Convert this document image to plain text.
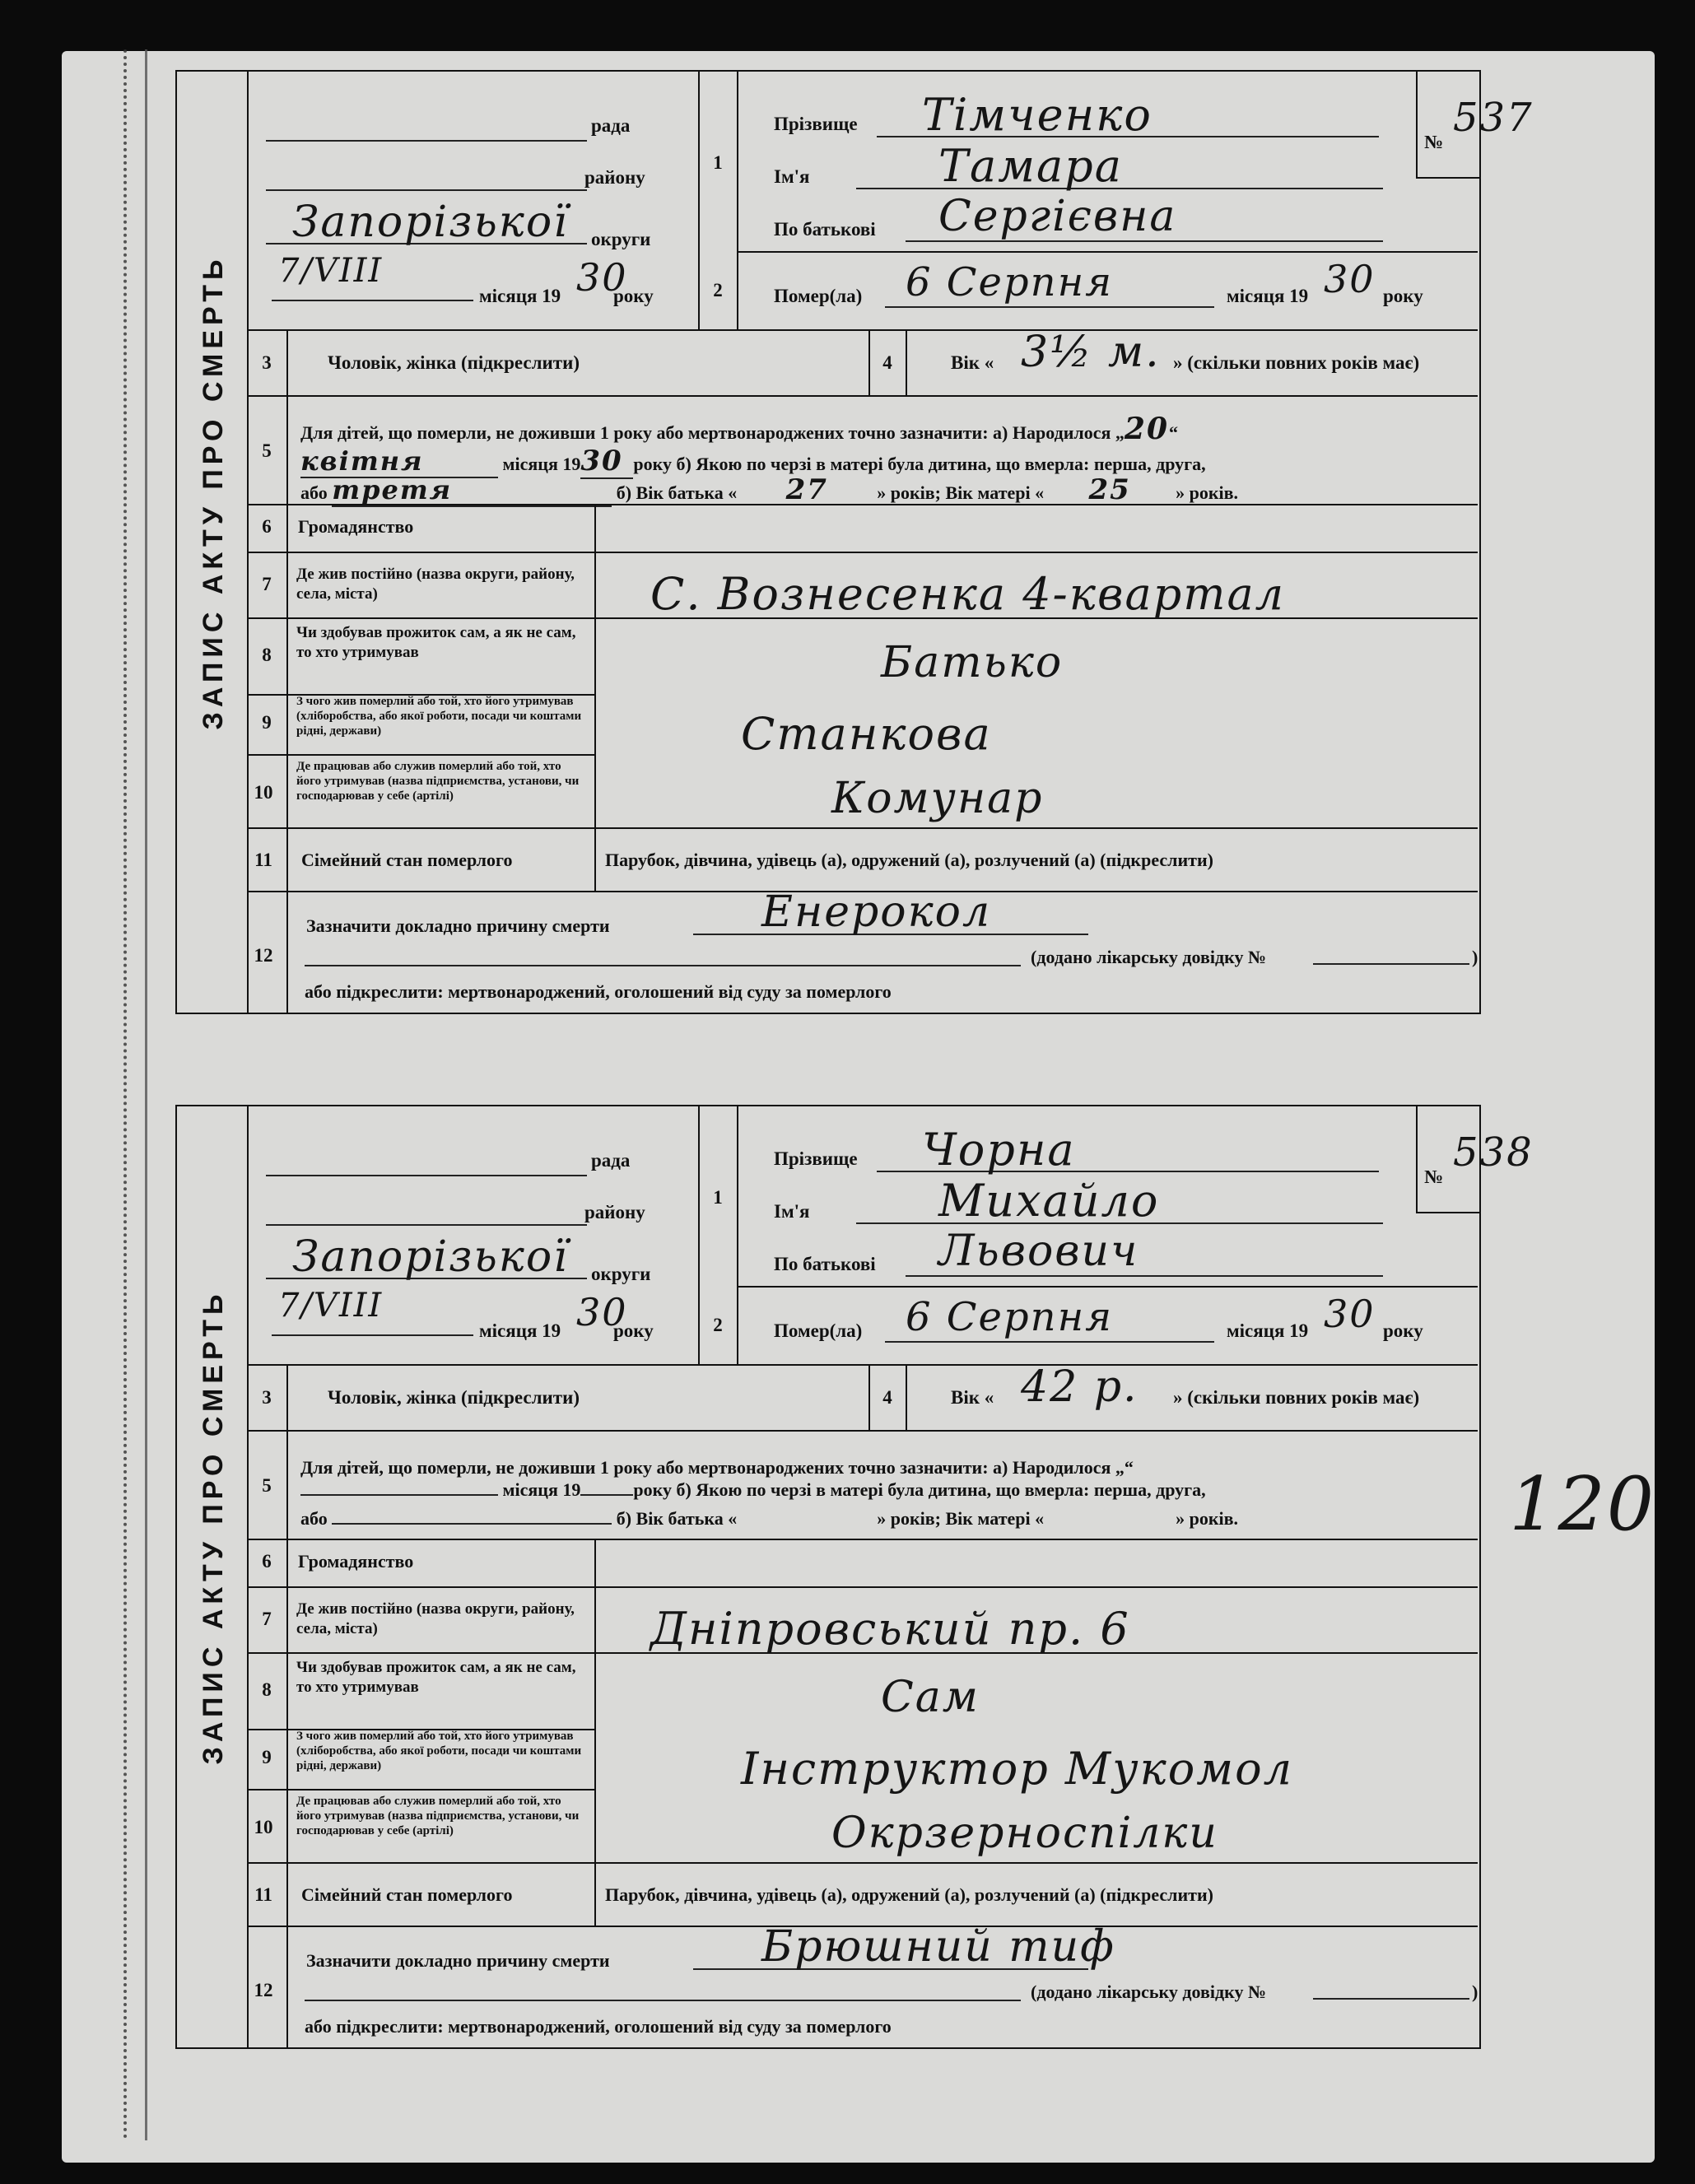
120
ЗАПИС АКТУ ПРО СМЕРТЬ
рада
району
Запорізької округи
7/VIII
місяця 19 30
року
1
2
Прізвище Тімченко
Ім'я	Тамара
По батькові Сергієвна
№
537
Помер(ла) 6 Серпня	місяця 19 30 року
3	Чоловік, жінка (підкреслити)	4	Вік « 3½ м. » (скільки повних років має)
5
Для дітей, що померли, не доживши 1 року або мертвонароджених точно зазначити: а) Народилося „20“
квітня	місяця 1930 року б) Якою по черзі в матері була дитина, що вмерла: перша, друга,
або третя	б) Вік батька « 27	» років; Вік матері « 25 » років.
6	Громадянство
7	Де жив постійно (назва округи, району, села, міста)	С. Вознесенка 4-квартал
8
Чи здобував прожиток сам, а як не сам, то хто утримував	Батько
9
З чого жив померлий або той, хто його утримував (хліборобства, або якої роботи, посади чи коштами рідні, держави)	Станкова
10
Де працював або служив померлий або той, хто його утримував (назва підприємства, установи, чи господарював у себе (артілі)	Комунар
11	Сімейний стан померлого	Парубок, дівчина, удівець (а), одружений (а), розлучений (а) (підкреслити)
12
Зазначити докладно причину смерти	Енерокол
(додано лікарську довідку №	)
або підкреслити: мертвонароджений, оголошений від суду за померлого
ЗАПИС АКТУ ПРО СМЕРТЬ
рада
району
Запорізької округи
7/VIII
місяця 19 30
року
1
2
Прізвище Чорна
Ім'я	Михайло
По батькові Львович
№
538
Помер(ла) 6 Серпня	місяця 19 30 року
3	Чоловік, жінка (підкреслити)	4	Вік « 42 р. » (скільки повних років має)
5
Для дітей, що померли, не доживши 1 року або мертвонароджених точно зазначити: а) Народилося „“
місяця 19	року б) Якою по черзі в матері була дитина, що вмерла: перша, друга,
або	б) Вік батька «	» років; Вік матері «	» років.
6	Громадянство
7	Де жив постійно (назва округи, району, села, міста)	Дніпровський пр. 6
8
Чи здобував прожиток сам, а як не сам, то хто утримував	Сам
9
З чого жив померлий або той, хто його утримував (хліборобства, або якої роботи, посади чи коштами рідні, держави)	Інструктор Мукомол
10
Де працював або служив померлий або той, хто його утримував (назва підприємства, установи, чи господарював у себе (артілі)	Окрзерноспілки
11	Сімейний стан померлого	Парубок, дівчина, удівець (а), одружений (а), розлучений (а) (підкреслити)
12
Зазначити докладно причину смерти	Брюшний тиф
(додано лікарську довідку №	)
або підкреслити: мертвонароджений, оголошений від суду за померлого
